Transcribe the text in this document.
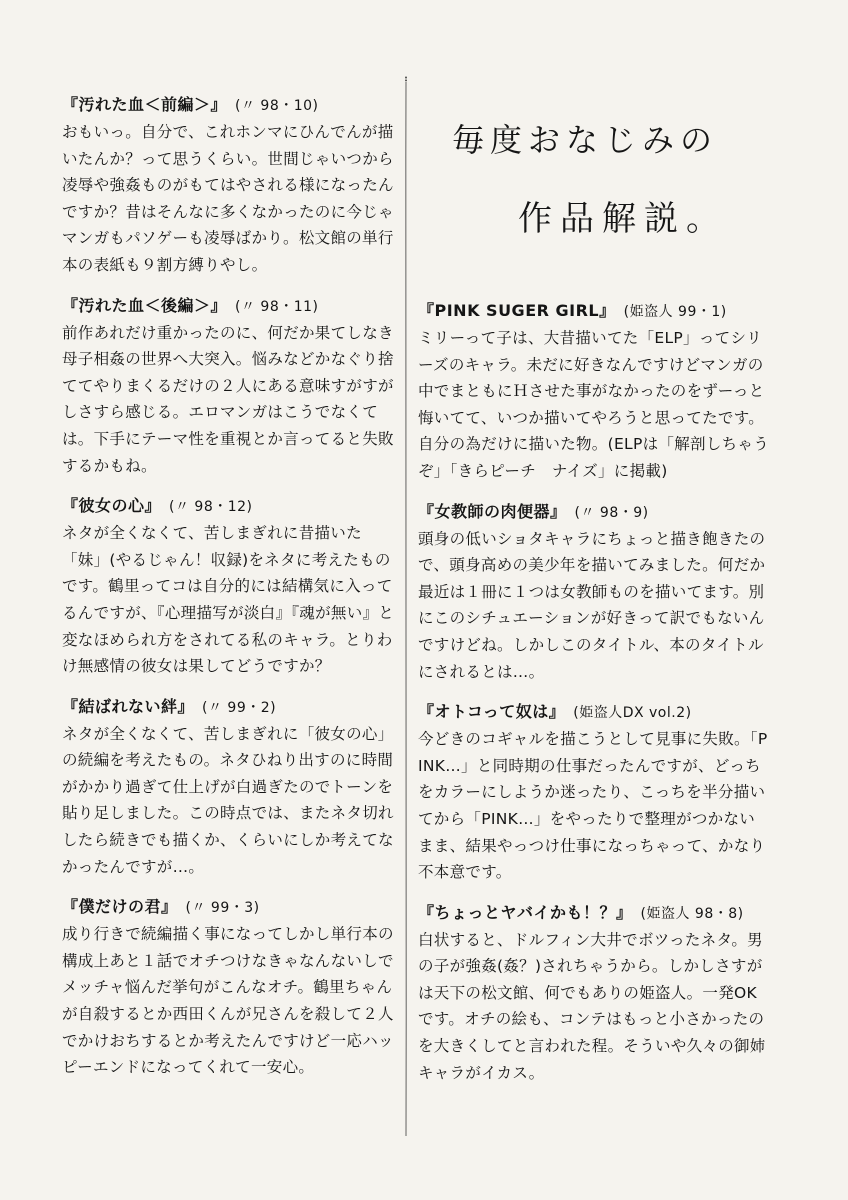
毎度おなじみの
作品解説。
『汚れた血＜前編＞』 (〃 98・10)
おもいっ。自分で、これホンマにひんでんが描いたんか？って思うくらい。世間じゃいつから凌辱や強姦ものがもてはやされる様になったんですか？昔はそんなに多くなかったのに今じゃマンガもパソゲーも凌辱ばかり。松文館の単行本の表紙も９割方縛りやし。
『汚れた血＜後編＞』 (〃 98・11)
前作あれだけ重かったのに、何だか果てしなき母子相姦の世界へ大突入。悩みなどかなぐり捨ててやりまくるだけの２人にある意味すがすがしさすら感じる。エロマンガはこうでなくては。下手にテーマ性を重視とか言ってると失敗するかもね。
『彼女の心』 (〃 98・12)
ネタが全くなくて、苦しまぎれに昔描いた「妹」(やるじゃん！収録)をネタに考えたものです。鶴里ってコは自分的には結構気に入ってるんですが、『心理描写が淡白』『魂が無い』と変なほめられ方をされてる私のキャラ。とりわけ無感情の彼女は果してどうですか？
『結ばれない絆』 (〃 99・2)
ネタが全くなくて、苦しまぎれに「彼女の心」の続編を考えたもの。ネタひねり出すのに時間がかかり過ぎて仕上げが白過ぎたのでトーンを貼り足しました。この時点では、またネタ切れしたら続きでも描くか、くらいにしか考えてなかったんですが…。
『僕だけの君』 (〃 99・3)
成り行きで続編描く事になってしかし単行本の構成上あと１話でオチつけなきゃなんないしでメッチャ悩んだ挙句がこんなオチ。鶴里ちゃんが自殺するとか西田くんが兄さんを殺して２人でかけおちするとか考えたんですけど一応ハッピーエンドになってくれて一安心。
『PINK SUGER GIRL』 (姫盗人 99・1)
ミリーって子は、大昔描いてた「ELP」ってシリーズのキャラ。未だに好きなんですけどマンガの中でまともにＨさせた事がなかったのをずーっと悔いてて、いつか描いてやろうと思ってたです。自分の為だけに描いた物。(ELPは「解剖しちゃうぞ」「きらピーチ　ナイズ」に掲載)
『女教師の肉便器』 (〃 98・9)
頭身の低いショタキャラにちょっと描き飽きたので、頭身高めの美少年を描いてみました。何だか最近は１冊に１つは女教師ものを描いてます。別にこのシチュエーションが好きって訳でもないんですけどね。しかしこのタイトル、本のタイトルにされるとは…。
『オトコって奴は』 (姫盗人DX vol.2)
今どきのコギャルを描こうとして見事に失敗。「PINK…」と同時期の仕事だったんですが、どっちをカラーにしようか迷ったり、こっちを半分描いてから「PINK…」をやったりで整理がつかないまま、結果やっつけ仕事になっちゃって、かなり不本意です。
『ちょっとヤバイかも！？』 (姫盗人 98・8)
白状すると、ドルフィン大井でボツったネタ。男の子が強姦(姦？)されちゃうから。しかしさすがは天下の松文館、何でもありの姫盗人。一発OKです。オチの絵も、コンテはもっと小さかったのを大きくしてと言われた程。そういや久々の御姉キャラがイカス。
